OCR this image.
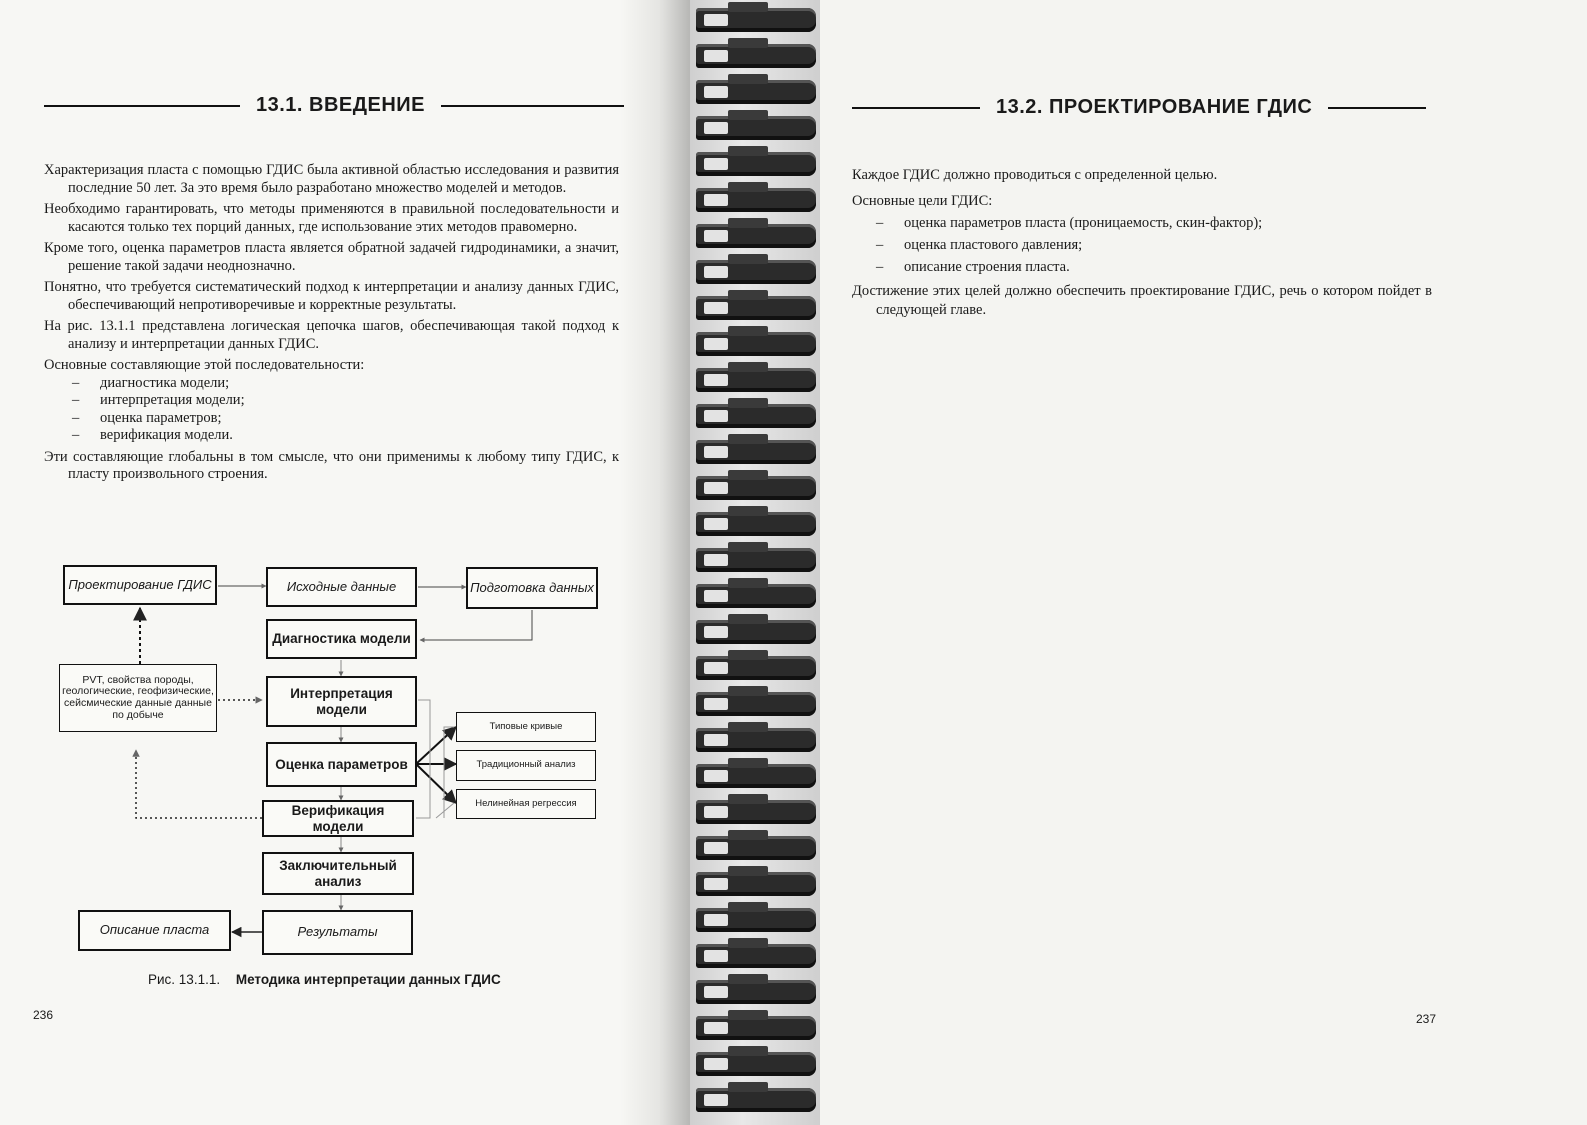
13.1. ВВЕДЕНИЕ

Характеризация пласта с помощью ГДИС была активной областью исследования и развития последние 50 лет. За это время было разработано множество моделей и методов.

Необходимо гарантировать, что методы применяются в правильной последовательности и касаются только тех порций данных, где использование этих методов правомерно.

Кроме того, оценка параметров пласта является обратной задачей гидродинамики, а значит, решение такой задачи неоднозначно.

Понятно, что требуется систематический подход к интерпретации и анализу данных ГДИС, обеспечивающий непротиворечивые и корректные результаты.

На рис. 13.1.1 представлена логическая цепочка шагов, обеспечивающая такой подход к анализу и интерпретации данных ГДИС.

Основные составляющие этой последовательности:

– диагностика модели;
– интерпретация модели;
– оценка параметров;
– верификация модели.

Эти составляющие глобальны в том смысле, что они применимы к любому типу ГДИС, к пласту произвольного строения.

Проектирование ГДИС	Исходные данные	Подготовка данных
Диагностика модели
PVT, свойства породы, геологические, геофизические, сейсмические данные данные по добыче
Интерпретация модели
Типовые кривые
Оценка параметров	Традиционный анализ
Нелинейная регрессия
Верификация модели
Заключительный анализ
Описание пласта	Результаты
Рис. 13.1.1. Методика интерпретации данных ГДИС
236
13.2. ПРОЕКТИРОВАНИЕ ГДИС

Каждое ГДИС должно проводиться с определенной целью.

Основные цели ГДИС:

– оценка параметров пласта (проницаемость, скин-фактор);
– оценка пластового давления;
– описание строения пласта.

Достижение этих целей должно обеспечить проектирование ГДИС, речь о котором пойдет в следующей главе.

237
